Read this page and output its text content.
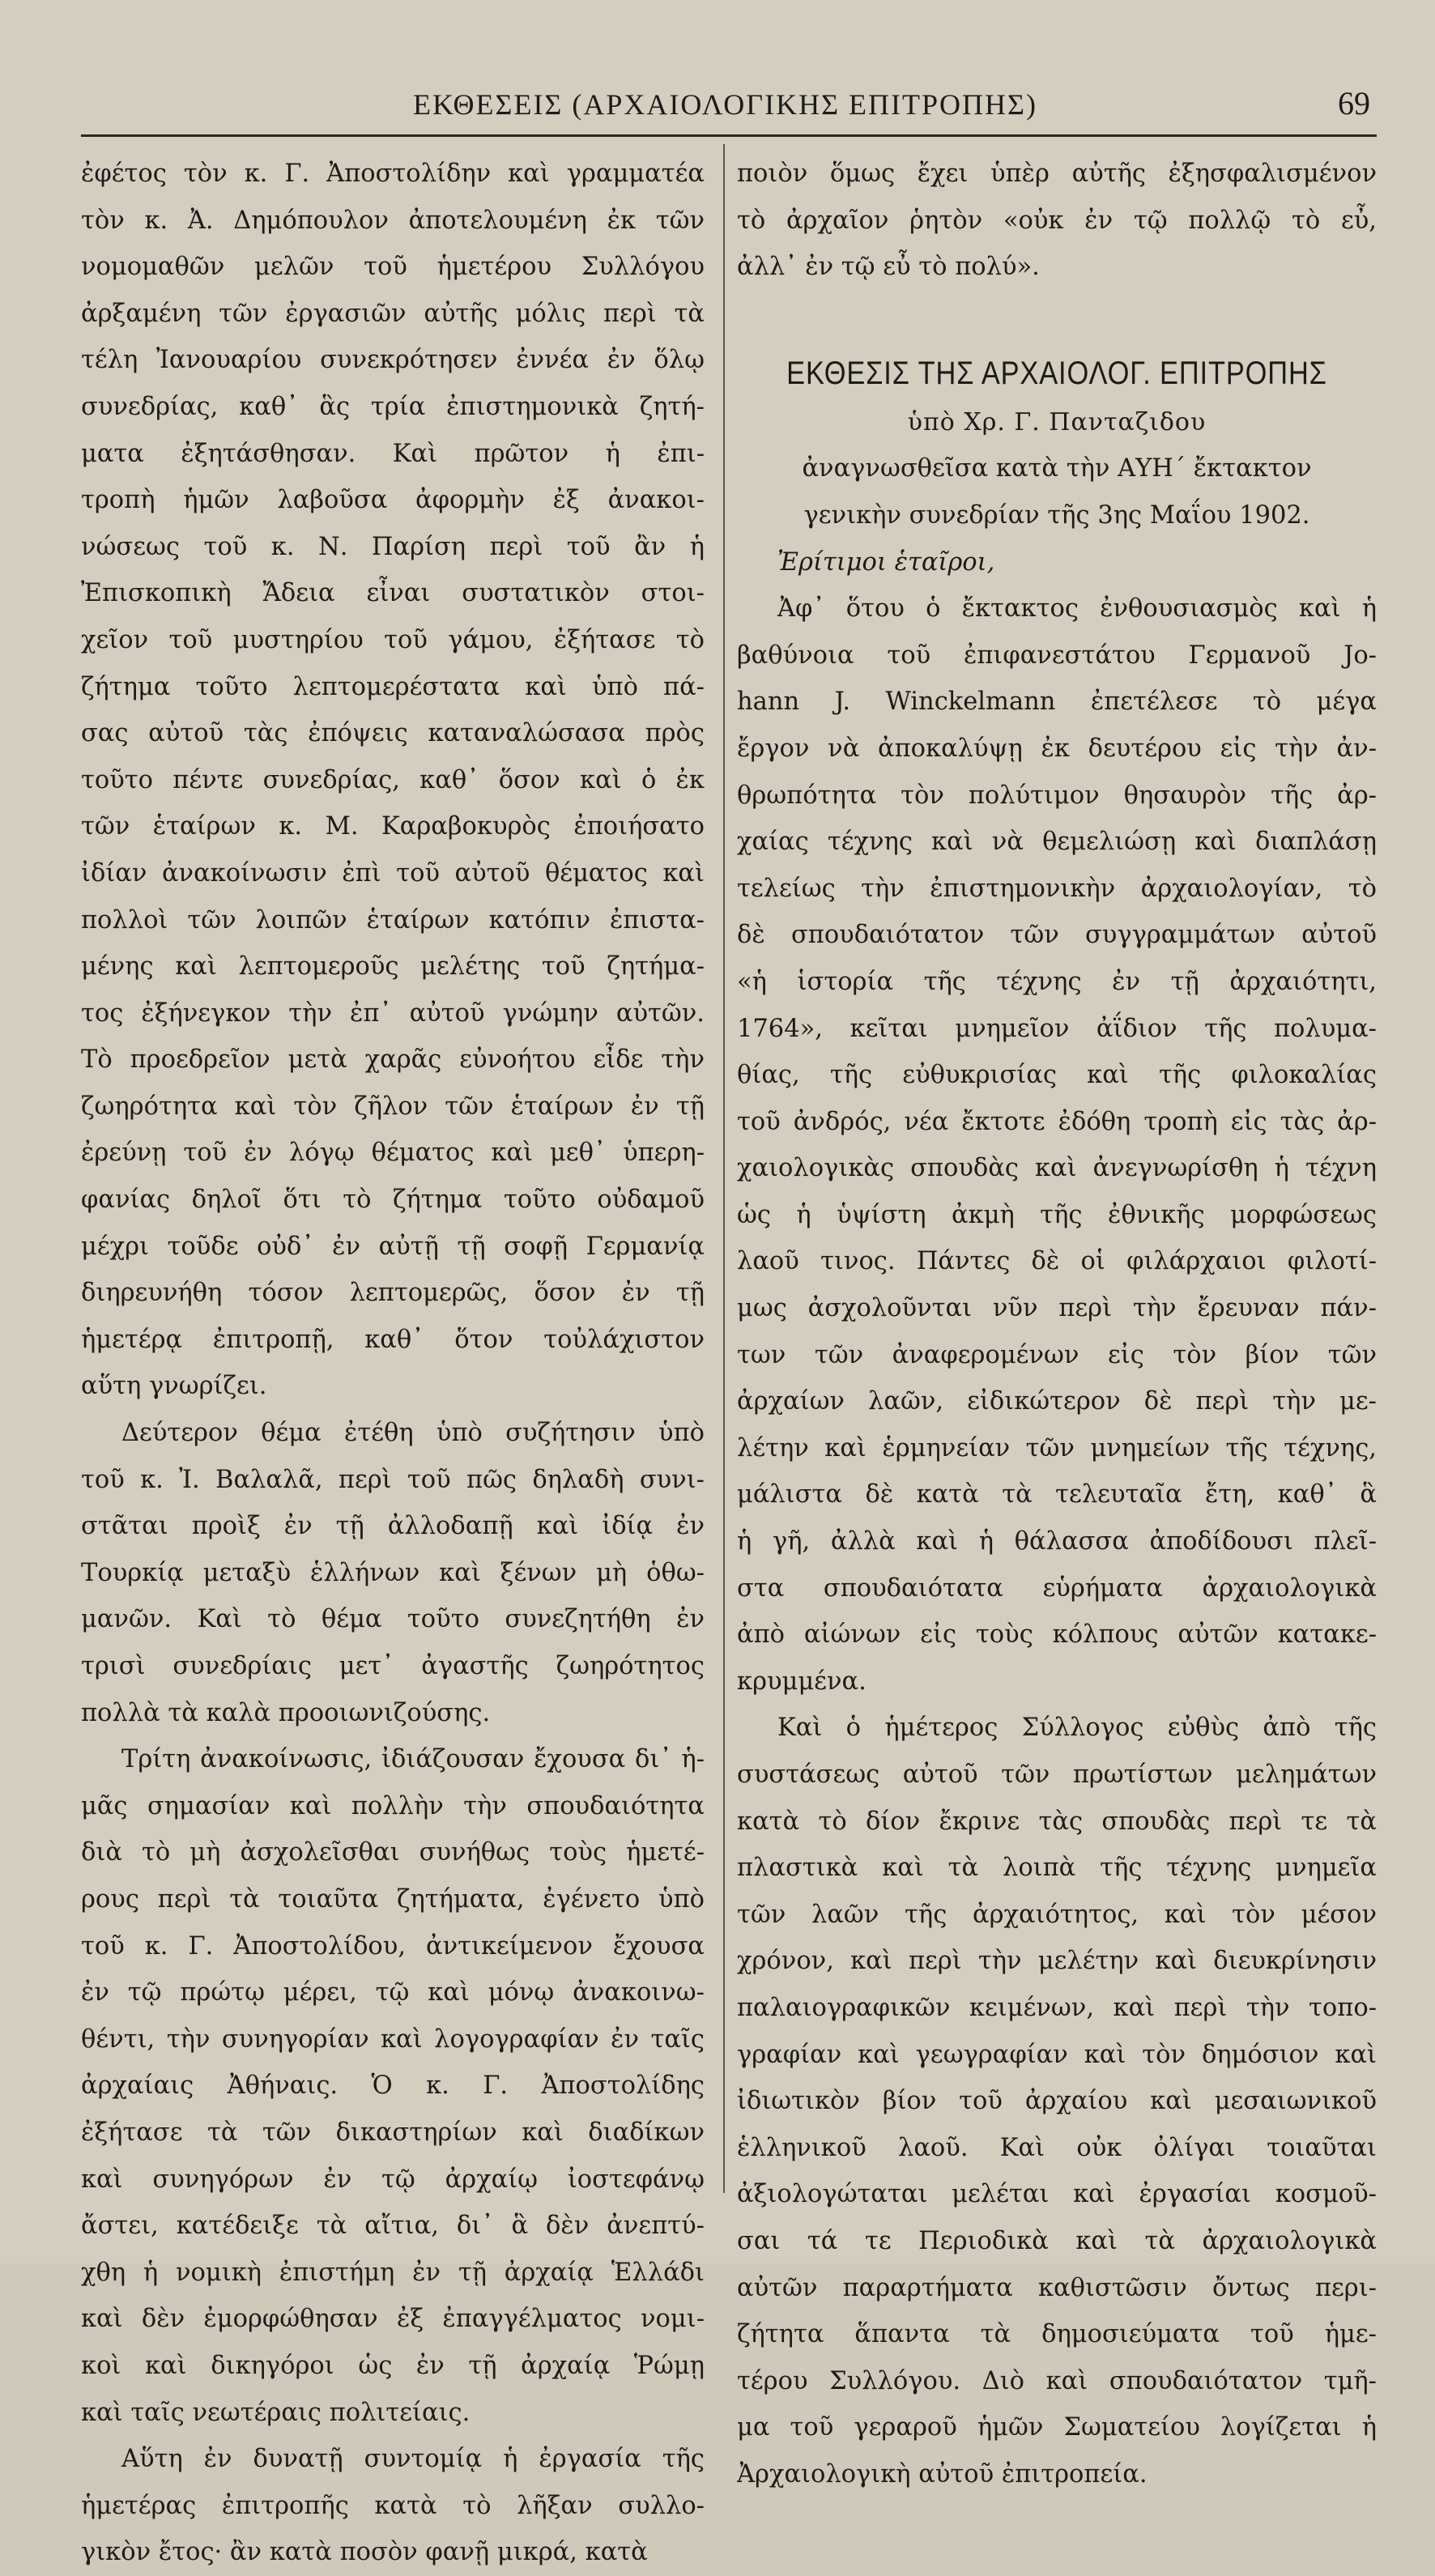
ΕΚΘΕΣΕΙΣ (ΑΡΧΑΙΟΛΟΓΙΚΗΣ ΕΠΙΤΡΟΠΗΣ)	69
ἐφέτος τὸν κ. Γ. Ἀποστολίδην καὶ γραμματέα
τὸν κ. Ἀ. Δημόπουλον ἀποτελουμένη ἐκ τῶν
νομομαθῶν μελῶν τοῦ ἡμετέρου Συλλόγου
ἀρξαμένη τῶν ἐργασιῶν αὐτῆς μόλις περὶ τὰ
τέλη Ἰανουαρίου συνεκρότησεν ἐννέα ἐν ὅλῳ
συνεδρίας, καθ᾽ ἃς τρία ἐπιστημονικὰ ζητή-
ματα ἐξητάσθησαν. Καὶ πρῶτον ἡ ἐπι-
τροπὴ ἡμῶν λαβοῦσα ἀφορμὴν ἐξ ἀνακοι-
νώσεως τοῦ κ. Ν. Παρίση περὶ τοῦ ἂν ἡ
Ἐπισκοπικὴ Ἄδεια εἶναι συστατικὸν στοι-
χεῖον τοῦ μυστηρίου τοῦ γάμου, ἐξήτασε τὸ
ζήτημα τοῦτο λεπτομερέστατα καὶ ὑπὸ πά-
σας αὐτοῦ τὰς ἐπόψεις καταναλώσασα πρὸς
τοῦτο πέντε συνεδρίας, καθ᾽ ὅσον καὶ ὁ ἐκ
τῶν ἑταίρων κ. Μ. Καραβοκυρὸς ἐποιήσατο
ἰδίαν ἀνακοίνωσιν ἐπὶ τοῦ αὐτοῦ θέματος καὶ
πολλοὶ τῶν λοιπῶν ἑταίρων κατόπιν ἐπιστα-
μένης καὶ λεπτομεροῦς μελέτης τοῦ ζητήμα-
τος ἐξήνεγκον τὴν ἐπ᾽ αὐτοῦ γνώμην αὐτῶν.
Τὸ προεδρεῖον μετὰ χαρᾶς εὐνοήτου εἶδε τὴν
ζωηρότητα καὶ τὸν ζῆλον τῶν ἑταίρων ἐν τῇ
ἐρεύνῃ τοῦ ἐν λόγῳ θέματος καὶ μεθ᾽ ὑπερη-
φανίας δηλοῖ ὅτι τὸ ζήτημα τοῦτο οὐδαμοῦ
μέχρι τοῦδε οὐδ᾽ ἐν αὐτῇ τῇ σοφῇ Γερμανίᾳ
διηρευνήθη τόσον λεπτομερῶς, ὅσον ἐν τῇ
ἡμετέρᾳ ἐπιτροπῇ, καθ᾽ ὅτον τοὐλάχιστον
αὕτη γνωρίζει.
Δεύτερον θέμα ἐτέθη ὑπὸ συζήτησιν ὑπὸ
τοῦ κ. Ἰ. Βαλαλᾶ, περὶ τοῦ πῶς δηλαδὴ συνι-
στᾶται προὶξ ἐν τῇ ἀλλοδαπῇ καὶ ἰδίᾳ ἐν
Τουρκίᾳ μεταξὺ ἑλλήνων καὶ ξένων μὴ ὁθω-
μανῶν. Καὶ τὸ θέμα τοῦτο συνεζητήθη ἐν
τρισὶ συνεδρίαις μετ᾽ ἀγαστῆς ζωηρότητος
πολλὰ τὰ καλὰ προοιωνιζούσης.
Τρίτη ἀνακοίνωσις, ἰδιάζουσαν ἔχουσα δι᾽ ἡ-
μᾶς σημασίαν καὶ πολλὴν τὴν σπουδαιότητα
διὰ τὸ μὴ ἀσχολεῖσθαι συνήθως τοὺς ἡμετέ-
ρους περὶ τὰ τοιαῦτα ζητήματα, ἐγένετο ὑπὸ
τοῦ κ. Γ. Ἀποστολίδου, ἀντικείμενον ἔχουσα
ἐν τῷ πρώτῳ μέρει, τῷ καὶ μόνῳ ἀνακοινω-
θέντι, τὴν συνηγορίαν καὶ λογογραφίαν ἐν ταῖς
ἀρχαίαις Ἀθήναις. Ὁ κ. Γ. Ἀποστολίδης
ἐξήτασε τὰ τῶν δικαστηρίων καὶ διαδίκων
καὶ συνηγόρων ἐν τῷ ἀρχαίῳ ἰοστεφάνῳ
ἄστει, κατέδειξε τὰ αἴτια, δι᾽ ἃ δὲν ἀνεπτύ-
χθη ἡ νομικὴ ἐπιστήμη ἐν τῇ ἀρχαίᾳ Ἑλλάδι
καὶ δὲν ἐμορφώθησαν ἐξ ἐπαγγέλματος νομι-
κοὶ καὶ δικηγόροι ὡς ἐν τῇ ἀρχαίᾳ Ῥώμῃ
καὶ ταῖς νεωτέραις πολιτείαις.
Αὕτη ἐν δυνατῇ συντομίᾳ ἡ ἐργασία τῆς
ἡμετέρας ἐπιτροπῆς κατὰ τὸ λῆξαν συλλο-
γικὸν ἔτος· ἂν κατὰ ποσὸν φανῇ μικρά, κατὰ
ποιὸν ὅμως ἔχει ὑπὲρ αὐτῆς ἐξησφαλισμένον
τὸ ἀρχαῖον ῥητὸν «οὐκ ἐν τῷ πολλῷ τὸ εὖ,
ἀλλ᾽ ἐν τῷ εὖ τὸ πολύ».
ΕΚΘΕΣΙΣ ΤΗΣ ΑΡΧΑΙΟΛΟΓ. ΕΠΙΤΡΟΠΗΣ
ὑπὸ Χρ. Γ. Πανταζιδου
ἀναγνωσθεῖσα κατὰ τὴν ΑΥΗ´ ἔκτακτον
γενικὴν συνεδρίαν τῆς 3ης Μαΐου 1902.
Ἐρίτιμοι ἑταῖροι,
Ἀφ᾽ ὅτου ὁ ἔκτακτος ἐνθουσιασμὸς καὶ ἡ
βαθύνοια τοῦ ἐπιφανεστάτου Γερμανοῦ Jo-
hann J. Winckelmann ἐπετέλεσε τὸ μέγα
ἔργον νὰ ἀποκαλύψῃ ἐκ δευτέρου εἰς τὴν ἀν-
θρωπότητα τὸν πολύτιμον θησαυρὸν τῆς ἀρ-
χαίας τέχνης καὶ νὰ θεμελιώσῃ καὶ διαπλάσῃ
τελείως τὴν ἐπιστημονικὴν ἀρχαιολογίαν, τὸ
δὲ σπουδαιότατον τῶν συγγραμμάτων αὐτοῦ
«ἡ ἱστορία τῆς τέχνης ἐν τῇ ἀρχαιότητι,
1764», κεῖται μνημεῖον ἀΐδιον τῆς πολυμα-
θίας, τῆς εὐθυκρισίας καὶ τῆς φιλοκαλίας
τοῦ ἀνδρός, νέα ἔκτοτε ἐδόθη τροπὴ εἰς τὰς ἀρ-
χαιολογικὰς σπουδὰς καὶ ἀνεγνωρίσθη ἡ τέχνη
ὡς ἡ ὑψίστη ἀκμὴ τῆς ἐθνικῆς μορφώσεως
λαοῦ τινος. Πάντες δὲ οἱ φιλάρχαιοι φιλοτί-
μως ἀσχολοῦνται νῦν περὶ τὴν ἔρευναν πάν-
των τῶν ἀναφερομένων εἰς τὸν βίον τῶν
ἀρχαίων λαῶν, εἰδικώτερον δὲ περὶ τὴν με-
λέτην καὶ ἑρμηνείαν τῶν μνημείων τῆς τέχνης,
μάλιστα δὲ κατὰ τὰ τελευταῖα ἔτη, καθ᾽ ἃ
ἡ γῆ, ἀλλὰ καὶ ἡ θάλασσα ἀποδίδουσι πλεῖ-
στα σπουδαιότατα εὑρήματα ἀρχαιολογικὰ
ἀπὸ αἰώνων εἰς τοὺς κόλπους αὐτῶν κατακε-
κρυμμένα.
Καὶ ὁ ἡμέτερος Σύλλογος εὐθὺς ἀπὸ τῆς
συστάσεως αὐτοῦ τῶν πρωτίστων μελημάτων
κατὰ τὸ δίον ἔκρινε τὰς σπουδὰς περὶ τε τὰ
πλαστικὰ καὶ τὰ λοιπὰ τῆς τέχνης μνημεῖα
τῶν λαῶν τῆς ἀρχαιότητος, καὶ τὸν μέσον
χρόνον, καὶ περὶ τὴν μελέτην καὶ διευκρίνησιν
παλαιογραφικῶν κειμένων, καὶ περὶ τὴν τοπο-
γραφίαν καὶ γεωγραφίαν καὶ τὸν δημόσιον καὶ
ἰδιωτικὸν βίον τοῦ ἀρχαίου καὶ μεσαιωνικοῦ
ἑλληνικοῦ λαοῦ. Καὶ οὐκ ὀλίγαι τοιαῦται
ἀξιολογώταται μελέται καὶ ἐργασίαι κοσμοῦ-
σαι τά τε Περιοδικὰ καὶ τὰ ἀρχαιολογικὰ
αὐτῶν παραρτήματα καθιστῶσιν ὄντως περι-
ζήτητα ἅπαντα τὰ δημοσιεύματα τοῦ ἡμε-
τέρου Συλλόγου. Διὸ καὶ σπουδαιότατον τμῆ-
μα τοῦ γεραροῦ ἡμῶν Σωματείου λογίζεται ἡ
Ἀρχαιολογικὴ αὐτοῦ ἐπιτροπεία.
